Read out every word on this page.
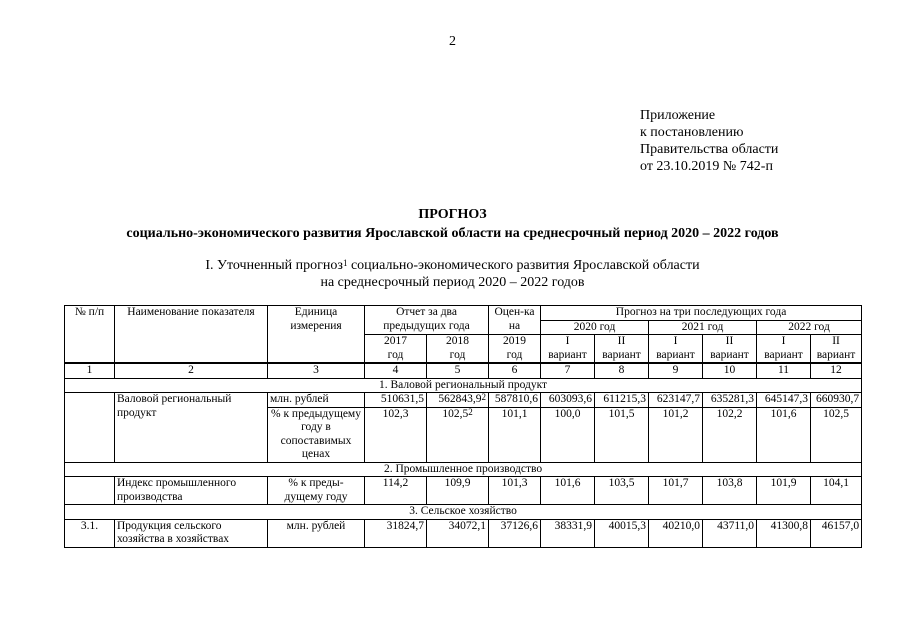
2
Приложение
к постановлению
Правительства области
от 23.10.2019 № 742-п
ПРОГНОЗ
социально-экономического развития Ярославской области на среднесрочный период 2020 – 2022 годов
I. Уточненный прогноз$^1$ социально-экономического развития Ярославской области
на среднесрочный период 2020 – 2022 годов
№ п/п	Наименование показателя	Единица измерения	Отчет за два предыдущих года		Оцен-ка на	Прогноз на три последующих года					
						2020 год		2021 год		2022 год	
			2017	2018	2019	I	II	I	II	I	II
			год	год	год	вариант	вариант	вариант	вариант	вариант	вариант
1	2	3	4	5	6	7	8	9	10	11	12
1. Валовой региональный продукт											
	Валовой региональный продукт	млн. рублей	510631,5	562843,9$^2$	587810,6	603093,6	611215,3	623147,7	635281,3	645147,3	660930,7
		% к предыдущему году в сопоставимых ценах	102,3	102,5$^2$	101,1	100,0	101,5	101,2	102,2	101,6	102,5
2. Промышленное производство											
	Индекс промышленного производства	% к преды-дущему году	114,2	109,9	101,3	101,6	103,5	101,7	103,8	101,9	104,1
3. Сельское хозяйство											
3.1.	Продукция сельского хозяйства в хозяйствах	млн. рублей	31824,7	34072,1	37126,6	38331,9	40015,3	40210,0	43711,0	41300,8	46157,0
